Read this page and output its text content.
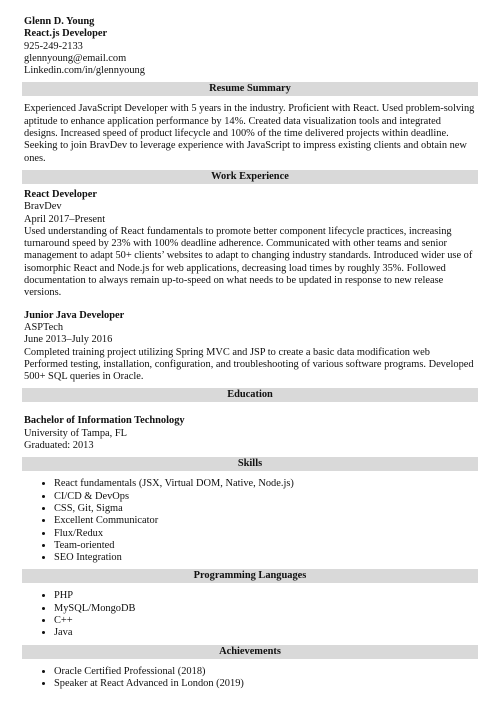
Glenn D. Young
React.js Developer
925-249-2133
glennyoung@email.com
Linkedin.com/in/glennyoung
Resume Summary

Experienced JavaScript Developer with 5 years in the industry. Proficient with React. Used problem-solving aptitude to enhance application performance by 14%. Created data visualization tools and integrated designs. Increased speed of product lifecycle and 100% of the time delivered projects within deadline. Seeking to join BravDev to leverage experience with JavaScript to impress existing clients and obtain new ones.

Work Experience
React Developer
BravDev
April 2017–Present

Used understanding of React fundamentals to promote better component lifecycle practices, increasing turnaround speed by 23% with 100% deadline adherence. Communicated with other teams and senior management to adapt 50+ clients’ websites to adapt to changing industry standards. Introduced wider use of isomorphic React and Node.js for web applications, decreasing load times by roughly 35%. Followed documentation to always remain up-to-speed on what needs to be updated in response to new release versions.

Junior Java Developer
ASPTech
June 2013–July 2016

Completed training project utilizing Spring MVC and JSP to create a basic data modification web Performed testing, installation, configuration, and troubleshooting of various software programs. Developed 500+ SQL queries in Oracle.

Education
Bachelor of Information Technology
University of Tampa, FL
Graduated: 2013
Skills
• React fundamentals (JSX, Virtual DOM, Native, Node.js)
• CI/CD & DevOps
• CSS, Git, Sigma
• Excellent Communicator
• Flux/Redux
• Team-oriented
• SEO Integration
Programming Languages
• PHP
• MySQL/MongoDB
• C++
• Java
Achievements
• Oracle Certified Professional (2018)
• Speaker at React Advanced in London (2019)
